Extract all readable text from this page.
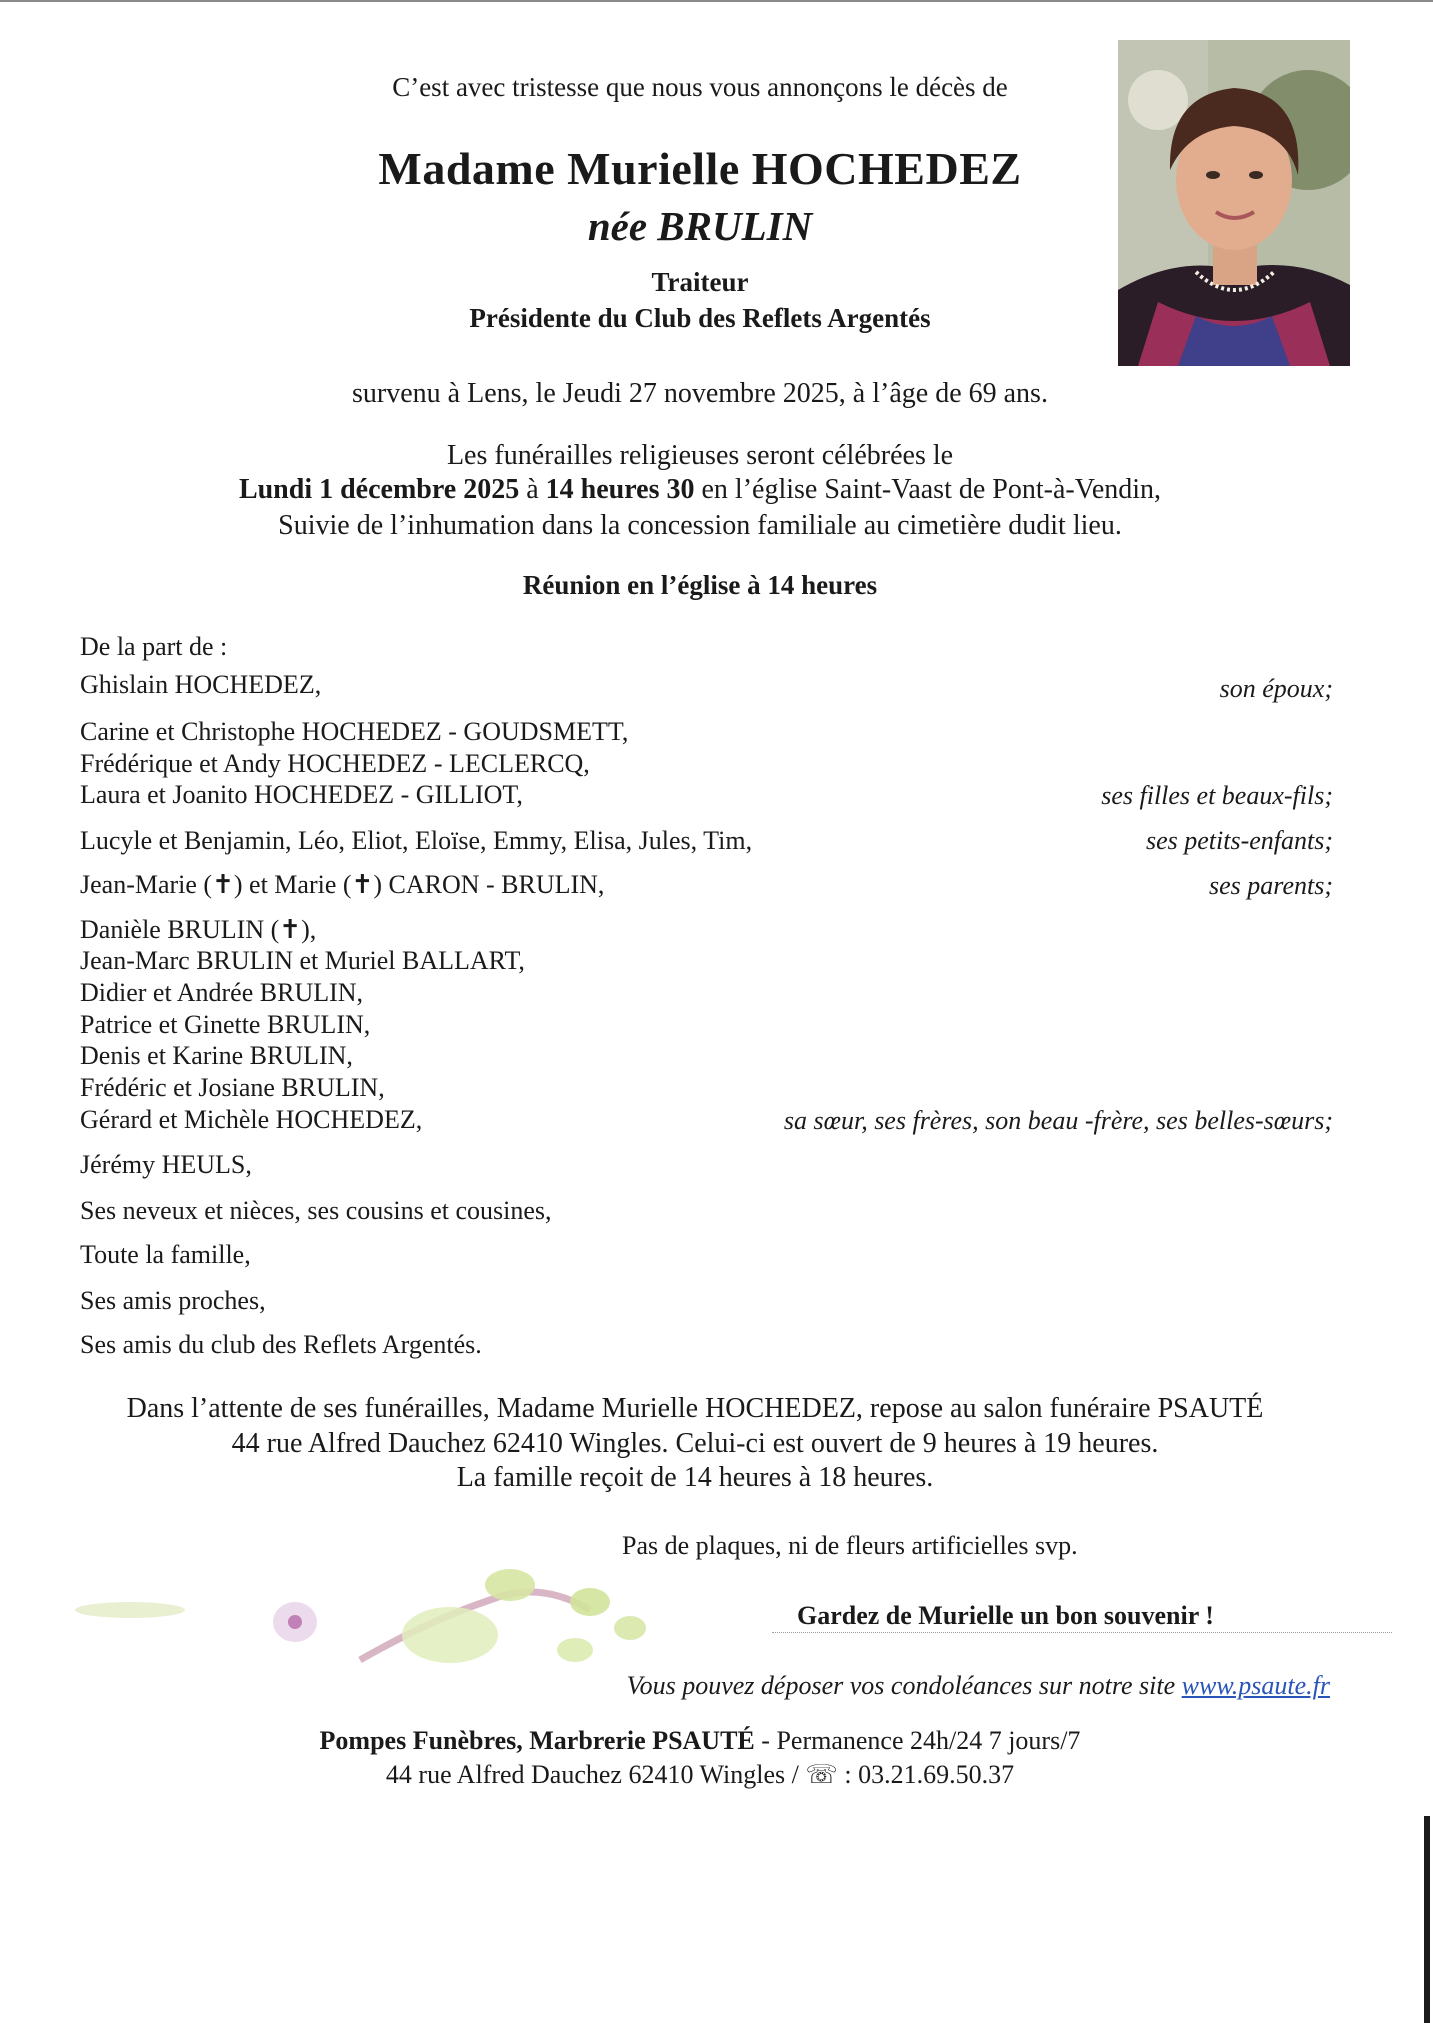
C’est avec tristesse que nous vous annonçons le décès de
Madame Murielle HOCHEDEZ
née BRULIN
Traiteur
Présidente du Club des Reflets Argentés
survenu à Lens, le Jeudi 27 novembre 2025, à l’âge de 69 ans.
Les funérailles religieuses seront célébrées le
Lundi 1 décembre 2025 à 14 heures 30 en l’église Saint-Vaast de Pont-à-Vendin,
Suivie de l’inhumation dans la concession familiale au cimetière dudit lieu.
Réunion en l’église à 14 heures
De la part de :
Ghislain HOCHEDEZ,	son époux;
Carine et Christophe HOCHEDEZ - GOUDSMETT,
Frédérique et Andy HOCHEDEZ - LECLERCQ,
Laura et Joanito HOCHEDEZ - GILLIOT,	ses filles et beaux-fils;
Lucyle et Benjamin, Léo, Eliot, Eloïse, Emmy, Elisa, Jules, Tim,	ses petits-enfants;
Jean-Marie (✝) et Marie (✝) CARON - BRULIN,	ses parents;
Danièle BRULIN (✝),
Jean-Marc BRULIN et Muriel BALLART,
Didier et Andrée BRULIN,
Patrice et Ginette BRULIN,
Denis et Karine BRULIN,
Frédéric et Josiane BRULIN,
Gérard et Michèle HOCHEDEZ,	sa sœur, ses frères, son beau -frère, ses belles-sœurs;
Jérémy HEULS,
Ses neveux et nièces, ses cousins et cousines,
Toute la famille,
Ses amis proches,
Ses amis du club des Reflets Argentés.
Dans l’attente de ses funérailles, Madame Murielle HOCHEDEZ, repose au salon funéraire PSAUTÉ
44 rue Alfred Dauchez 62410 Wingles. Celui-ci est ouvert de 9 heures à 19 heures.
La famille reçoit de 14 heures à 18 heures.
Pas de plaques, ni de fleurs artificielles svp.
Gardez de Murielle un bon souvenir !
Vous pouvez déposer vos condoléances sur notre site www.psaute.fr
Pompes Funèbres, Marbrerie PSAUTÉ - Permanence 24h/24 7 jours/7
44 rue Alfred Dauchez 62410 Wingles / ☏ : 03.21.69.50.37
